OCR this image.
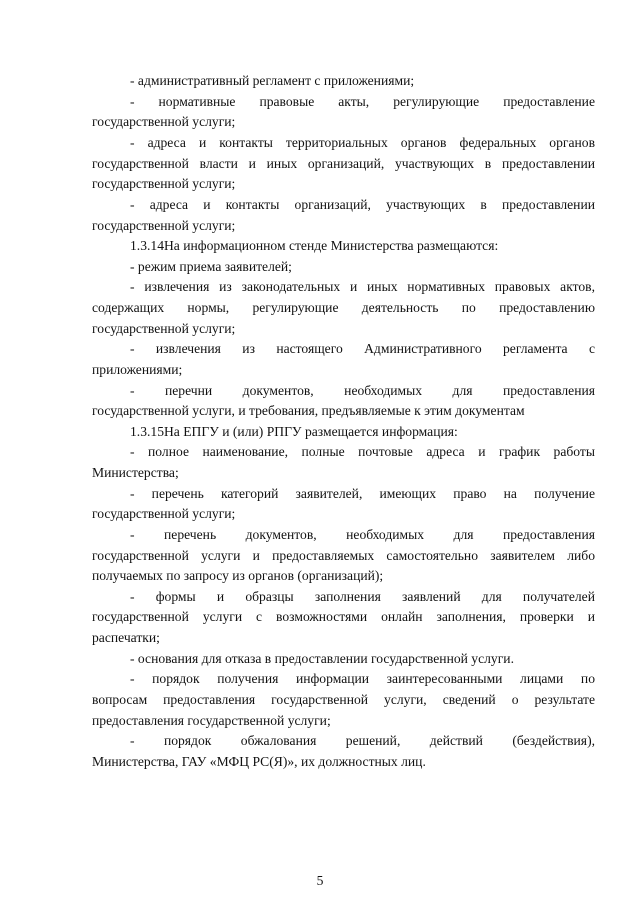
- административный регламент с приложениями;
- нормативные правовые акты, регулирующие предоставление
государственной услуги;
- адреса и контакты территориальных органов федеральных органов
государственной власти и иных организаций, участвующих в предоставлении
государственной услуги;
- адреса и контакты организаций, участвующих в предоставлении
государственной услуги;
1.3.14На информационном стенде Министерства размещаются:
- режим приема заявителей;
- извлечения из законодательных и иных нормативных правовых актов,
содержащих нормы, регулирующие деятельность по предоставлению
государственной услуги;
- извлечения из настоящего Административного регламента с
приложениями;
- перечни документов, необходимых для предоставления
государственной услуги, и требования, предъявляемые к этим документам
1.3.15На ЕПГУ и (или) РПГУ размещается информация:
- полное наименование, полные почтовые адреса и график работы
Министерства;
- перечень категорий заявителей, имеющих право на получение
государственной услуги;
- перечень документов, необходимых для предоставления
государственной услуги и предоставляемых самостоятельно заявителем либо
получаемых по запросу из органов (организаций);
- формы и образцы заполнения заявлений для получателей
государственной услуги с возможностями онлайн заполнения, проверки и
распечатки;
- основания для отказа в предоставлении государственной услуги.
- порядок получения информации заинтересованными лицами по
вопросам предоставления государственной услуги, сведений о результате
предоставления государственной услуги;
- порядок обжалования решений, действий (бездействия),
Министерства, ГАУ «МФЦ РС(Я)», их должностных лиц.
5
